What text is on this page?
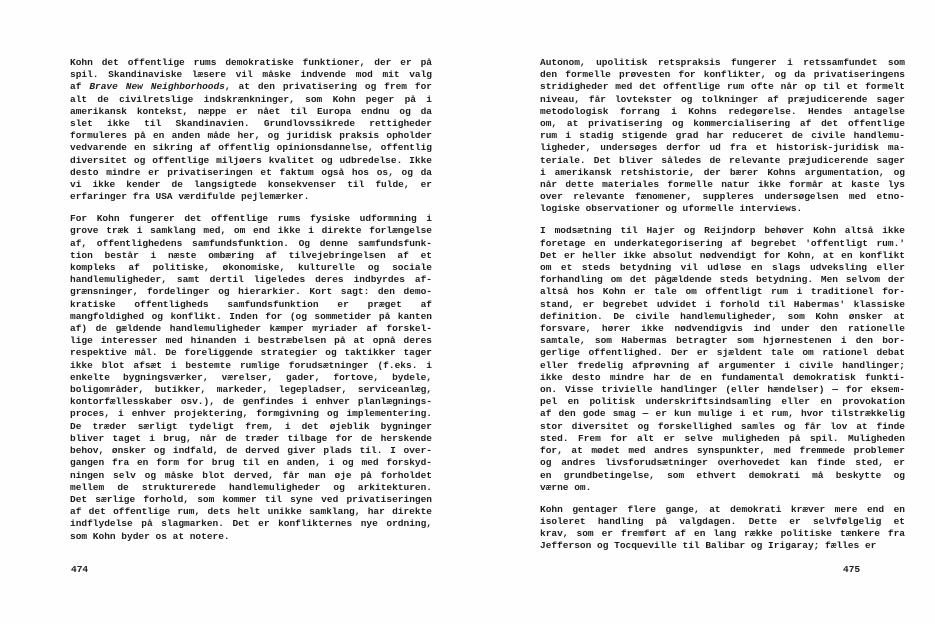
Kohn det offentlige rums demokratiske funktioner, der er på
spil. Skandinaviske læsere vil måske indvende mod mit valg
af Brave New Neighborhoods, at den privatisering og frem for
alt de civilretslige indskrænkninger, som Kohn peger på i
amerikansk kontekst, næppe er nået til Europa endnu og da
slet ikke til Skandinavien. Grundlovssikrede rettigheder
formuleres på en anden måde her, og juridisk praksis opholder
vedvarende en sikring af offentlig opinionsdannelse, offentlig
diversitet og offentlige miljøers kvalitet og udbredelse. Ikke
desto mindre er privatiseringen et faktum også hos os, og da
vi ikke kender de langsigtede konsekvenser til fulde, er
erfaringer fra USA værdifulde pejlemærker.
For Kohn fungerer det offentlige rums fysiske udformning i
grove træk i samklang med, om end ikke i direkte forlængelse
af, offentlighedens samfundsfunktion. Og denne samfundsfunk-
tion består i næste ombæring af tilvejebringelsen af et
kompleks af politiske, økonomiske, kulturelle og sociale
handlemuligheder, samt dertil ligeledes deres indbyrdes af-
grænsninger, fordelinger og hierarkier. Kort sagt: den demo-
kratiske offentligheds samfundsfunktion er præget af
mangfoldighed og konflikt. Inden for (og sommetider på kanten
af) de gældende handlemuligheder kæmper myriader af forskel-
lige interesser med hinanden i bestræbelsen på at opnå deres
respektive mål. De foreliggende strategier og taktikker tager
ikke blot afsæt i bestemte rumlige forudsætninger (f.eks. i
enkelte bygningsværker, værelser, gader, fortove, bydele,
boligområder, butikker, markeder, legepladser, serviceanlæg,
kontorfællesskaber osv.), de genfindes i enhver planlægnings-
proces, i enhver projektering, formgivning og implementering.
De træder særligt tydeligt frem, i det øjeblik bygninger
bliver taget i brug, når de træder tilbage for de herskende
behov, ønsker og indfald, de derved giver plads til. I over-
gangen fra en form for brug til en anden, i og med forskyd-
ningen selv og måske blot derved, får man øje på forholdet
mellem de strukturerede handlemuligheder og arkitekturen.
Det særlige forhold, som kommer til syne ved privatiseringen
af det offentlige rum, dets helt unikke samklang, har direkte
indflydelse på slagmarken. Det er konflikternes nye ordning,
som Kohn byder os at notere.
Autonom, upolitisk retspraksis fungerer i retssamfundet som
den formelle prøvesten for konflikter, og da privatiseringens
stridigheder med det offentlige rum ofte når op til et formelt
niveau, får lovtekster og tolkninger af præjudicerende sager
metodologisk forrang i Kohns redegørelse. Hendes antagelse
om, at privatisering og kommercialisering af det offentlige
rum i stadig stigende grad har reduceret de civile handlemu-
ligheder, undersøges derfor ud fra et historisk-juridisk ma-
teriale. Det bliver således de relevante præjudicerende sager
i amerikansk retshistorie, der bærer Kohns argumentation, og
når dette materiales formelle natur ikke formår at kaste lys
over relevante fænomener, suppleres undersøgelsen med etno-
logiske observationer og uformelle interviews.
I modsætning til Hajer og Reijndorp behøver Kohn altså ikke
foretage en underkategorisering af begrebet 'offentligt rum.'
Det er heller ikke absolut nødvendigt for Kohn, at en konflikt
om et steds betydning vil udløse en slags udveksling eller
forhandling om det pågældende steds betydning. Men selvom der
altså hos Kohn er tale om offentligt rum i traditionel for-
stand, er begrebet udvidet i forhold til Habermas' klassiske
definition. De civile handlemuligheder, som Kohn ønsker at
forsvare, hører ikke nødvendigvis ind under den rationelle
samtale, som Habermas betragter som hjørnestenen i den bor-
gerlige offentlighed. Der er sjældent tale om rationel debat
eller fredelig afprøvning af argumenter i civile handlinger;
ikke desto mindre har de en fundamental demokratisk funkti-
on. Visse trivielle handlinger (eller hændelser) — for eksem-
pel en politisk underskriftsindsamling eller en provokation
af den gode smag — er kun mulige i et rum, hvor tilstrækkelig
stor diversitet og forskellighed samles og får lov at finde
sted. Frem for alt er selve muligheden på spil. Muligheden
for, at mødet med andres synspunkter, med fremmede problemer
og andres livsforudsætninger overhovedet kan finde sted, er
en grundbetingelse, som ethvert demokrati må beskytte og
værne om.
Kohn gentager flere gange, at demokrati kræver mere end en
isoleret handling på valgdagen. Dette er selvfølgelig et
krav, som er fremført af en lang række politiske tænkere fra
Jefferson og Tocqueville til Balibar og Irigaray; fælles er
474	475
